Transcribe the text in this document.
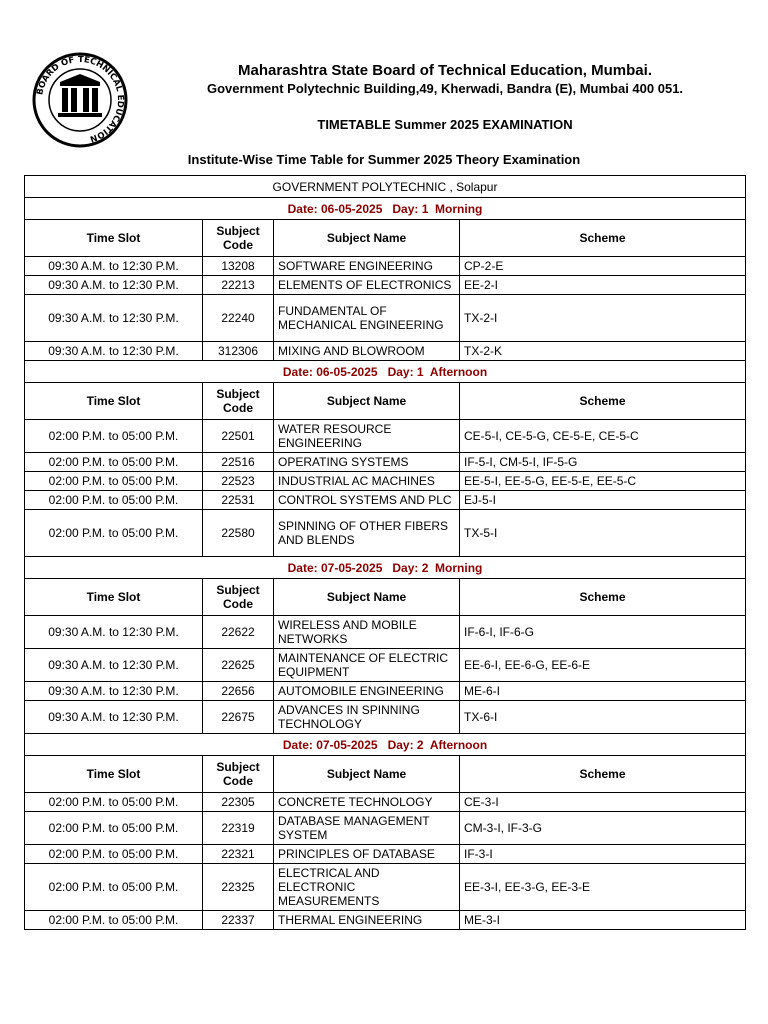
BOARD OF TECHNICAL EDUCATION
Maharashtra State Board of Technical Education, Mumbai.
Government Polytechnic Building,49, Kherwadi, Bandra (E), Mumbai 400 051.
TIMETABLE Summer 2025 EXAMINATION
Institute-Wise Time Table for Summer 2025 Theory Examination
GOVERNMENT POLYTECHNIC , Solapur			
Date: 06-05-2025   Day: 1  Morning			
Time Slot	Subject Code	Subject Name	Scheme
09:30 A.M. to 12:30 P.M.	13208	SOFTWARE ENGINEERING	CP-2-E
09:30 A.M. to 12:30 P.M.	22213	ELEMENTS OF ELECTRONICS	EE-2-I
09:30 A.M. to 12:30 P.M.	22240	FUNDAMENTAL OF MECHANICAL ENGINEERING	TX-2-I
09:30 A.M. to 12:30 P.M.	312306	MIXING AND BLOWROOM	TX-2-K
Date: 06-05-2025   Day: 1  Afternoon			
Time Slot	Subject Code	Subject Name	Scheme
02:00 P.M. to 05:00 P.M.	22501	WATER RESOURCE ENGINEERING	CE-5-I, CE-5-G, CE-5-E, CE-5-C
02:00 P.M. to 05:00 P.M.	22516	OPERATING SYSTEMS	IF-5-I, CM-5-I, IF-5-G
02:00 P.M. to 05:00 P.M.	22523	INDUSTRIAL AC MACHINES	EE-5-I, EE-5-G, EE-5-E, EE-5-C
02:00 P.M. to 05:00 P.M.	22531	CONTROL SYSTEMS AND PLC	EJ-5-I
02:00 P.M. to 05:00 P.M.	22580	SPINNING OF OTHER FIBERS AND BLENDS	TX-5-I
Date: 07-05-2025   Day: 2  Morning			
Time Slot	Subject Code	Subject Name	Scheme
09:30 A.M. to 12:30 P.M.	22622	WIRELESS AND MOBILE NETWORKS	IF-6-I, IF-6-G
09:30 A.M. to 12:30 P.M.	22625	MAINTENANCE OF ELECTRIC EQUIPMENT	EE-6-I, EE-6-G, EE-6-E
09:30 A.M. to 12:30 P.M.	22656	AUTOMOBILE ENGINEERING	ME-6-I
09:30 A.M. to 12:30 P.M.	22675	ADVANCES IN SPINNING TECHNOLOGY	TX-6-I
Date: 07-05-2025   Day: 2  Afternoon			
Time Slot	Subject Code	Subject Name	Scheme
02:00 P.M. to 05:00 P.M.	22305	CONCRETE TECHNOLOGY	CE-3-I
02:00 P.M. to 05:00 P.M.	22319	DATABASE MANAGEMENT SYSTEM	CM-3-I, IF-3-G
02:00 P.M. to 05:00 P.M.	22321	PRINCIPLES OF DATABASE	IF-3-I
02:00 P.M. to 05:00 P.M.	22325	ELECTRICAL AND ELECTRONIC MEASUREMENTS	EE-3-I, EE-3-G, EE-3-E
02:00 P.M. to 05:00 P.M.	22337	THERMAL ENGINEERING	ME-3-I
